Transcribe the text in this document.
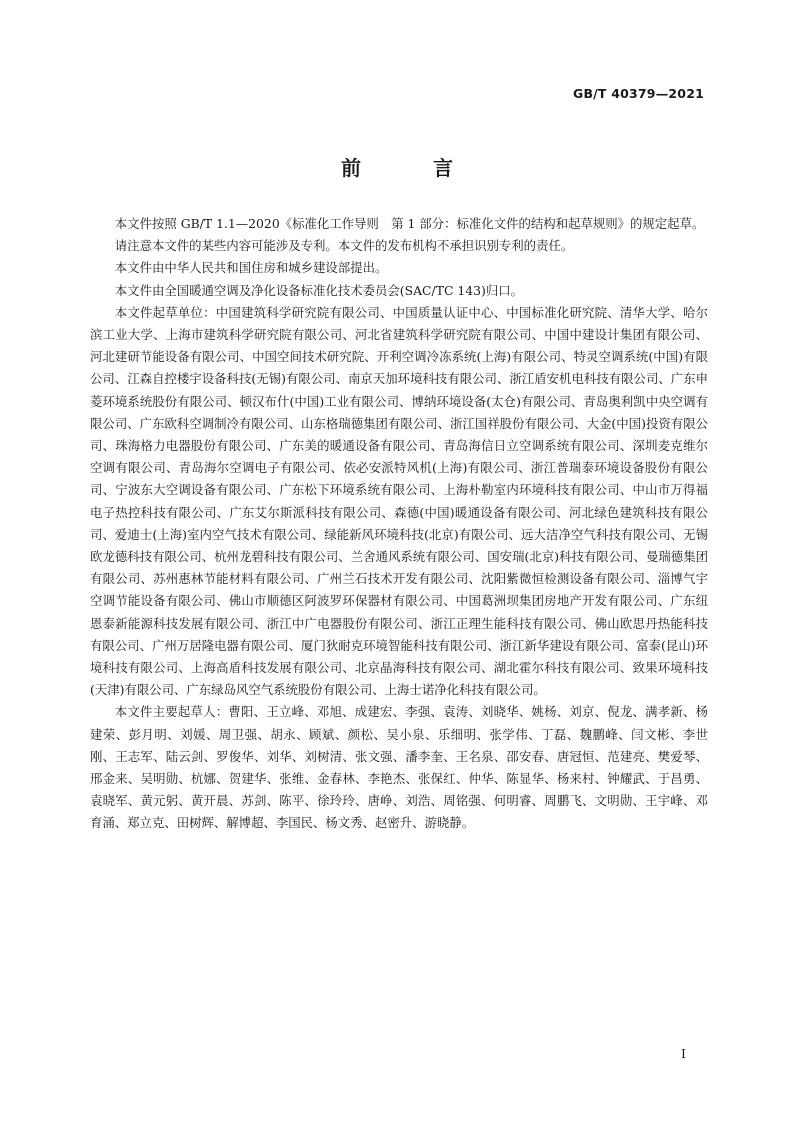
GB/T 40379—2021
前　言

本文件按照 GB/T 1.1—2020《标准化工作导则　第 1 部分：标准化文件的结构和起草规则》的规定起草。

请注意本文件的某些内容可能涉及专利。本文件的发布机构不承担识别专利的责任。

本文件由中华人民共和国住房和城乡建设部提出。

本文件由全国暖通空调及净化设备标准化技术委员会(SAC/TC 143)归口。

本文件起草单位：中国建筑科学研究院有限公司、中国质量认证中心、中国标准化研究院、清华大学、哈尔滨工业大学、上海市建筑科学研究院有限公司、河北省建筑科学研究院有限公司、中国中建设计集团有限公司、河北建研节能设备有限公司、中国空间技术研究院、开利空调冷冻系统(上海)有限公司、特灵空调系统(中国)有限公司、江森自控楼宇设备科技(无锡)有限公司、南京天加环境科技有限公司、浙江盾安机电科技有限公司、广东申菱环境系统股份有限公司、顿汉布什(中国)工业有限公司、博纳环境设备(太仓)有限公司、青岛奥利凯中央空调有限公司、广东欧科空调制冷有限公司、山东格瑞德集团有限公司、浙江国祥股份有限公司、大金(中国)投资有限公司、珠海格力电器股份有限公司、广东美的暖通设备有限公司、青岛海信日立空调系统有限公司、深圳麦克维尔空调有限公司、青岛海尔空调电子有限公司、依必安派特风机(上海)有限公司、浙江普瑞泰环境设备股份有限公司、宁波东大空调设备有限公司、广东松下环境系统有限公司、上海朴勒室内环境科技有限公司、中山市万得福电子热控科技有限公司、广东艾尔斯派科技有限公司、森德(中国)暖通设备有限公司、河北绿色建筑科技有限公司、爱迪士(上海)室内空气技术有限公司、绿能新风环境科技(北京)有限公司、远大洁净空气科技有限公司、无锡欧龙德科技有限公司、杭州龙碧科技有限公司、兰舍通风系统有限公司、国安瑞(北京)科技有限公司、曼瑞德集团有限公司、苏州惠林节能材料有限公司、广州兰石技术开发有限公司、沈阳紫微恒检测设备有限公司、淄博气宇空调节能设备有限公司、佛山市顺德区阿波罗环保器材有限公司、中国葛洲坝集团房地产开发有限公司、广东纽恩泰新能源科技发展有限公司、浙江中广电器股份有限公司、浙江正理生能科技有限公司、佛山欧思丹热能科技有限公司、广州万居隆电器有限公司、厦门狄耐克环境智能科技有限公司、浙江新华建设有限公司、富泰(昆山)环境科技有限公司、上海高盾科技发展有限公司、北京晶海科技有限公司、湖北霍尔科技有限公司、致果环境科技(天津)有限公司、广东绿岛风空气系统股份有限公司、上海士诺净化科技有限公司。

本文件主要起草人：曹阳、王立峰、邓旭、成建宏、李强、袁涛、刘晓华、姚杨、刘京、倪龙、满孝新、杨建荣、彭月明、刘媛、周卫强、胡永、顾斌、颜松、吴小泉、乐细明、张学伟、丁磊、魏鹏峰、闫文彬、李世刚、王志军、陆云剑、罗俊华、刘华、刘树清、张文强、潘李奎、王名泉、邵安春、唐冠恒、范建亮、樊爱琴、邢金来、吴明勋、杭娜、贺建华、张维、金春林、李艳杰、张保红、仲华、陈显华、杨来村、钟耀武、于昌勇、袁晓军、黄元躬、黄开晨、苏剑、陈平、徐玲玲、唐峥、刘浩、周铭强、何明睿、周鹏飞、文明勋、王宇峰、邓育涌、郑立克、田树辉、解博超、李国民、杨文秀、赵密升、游晓静。

I
